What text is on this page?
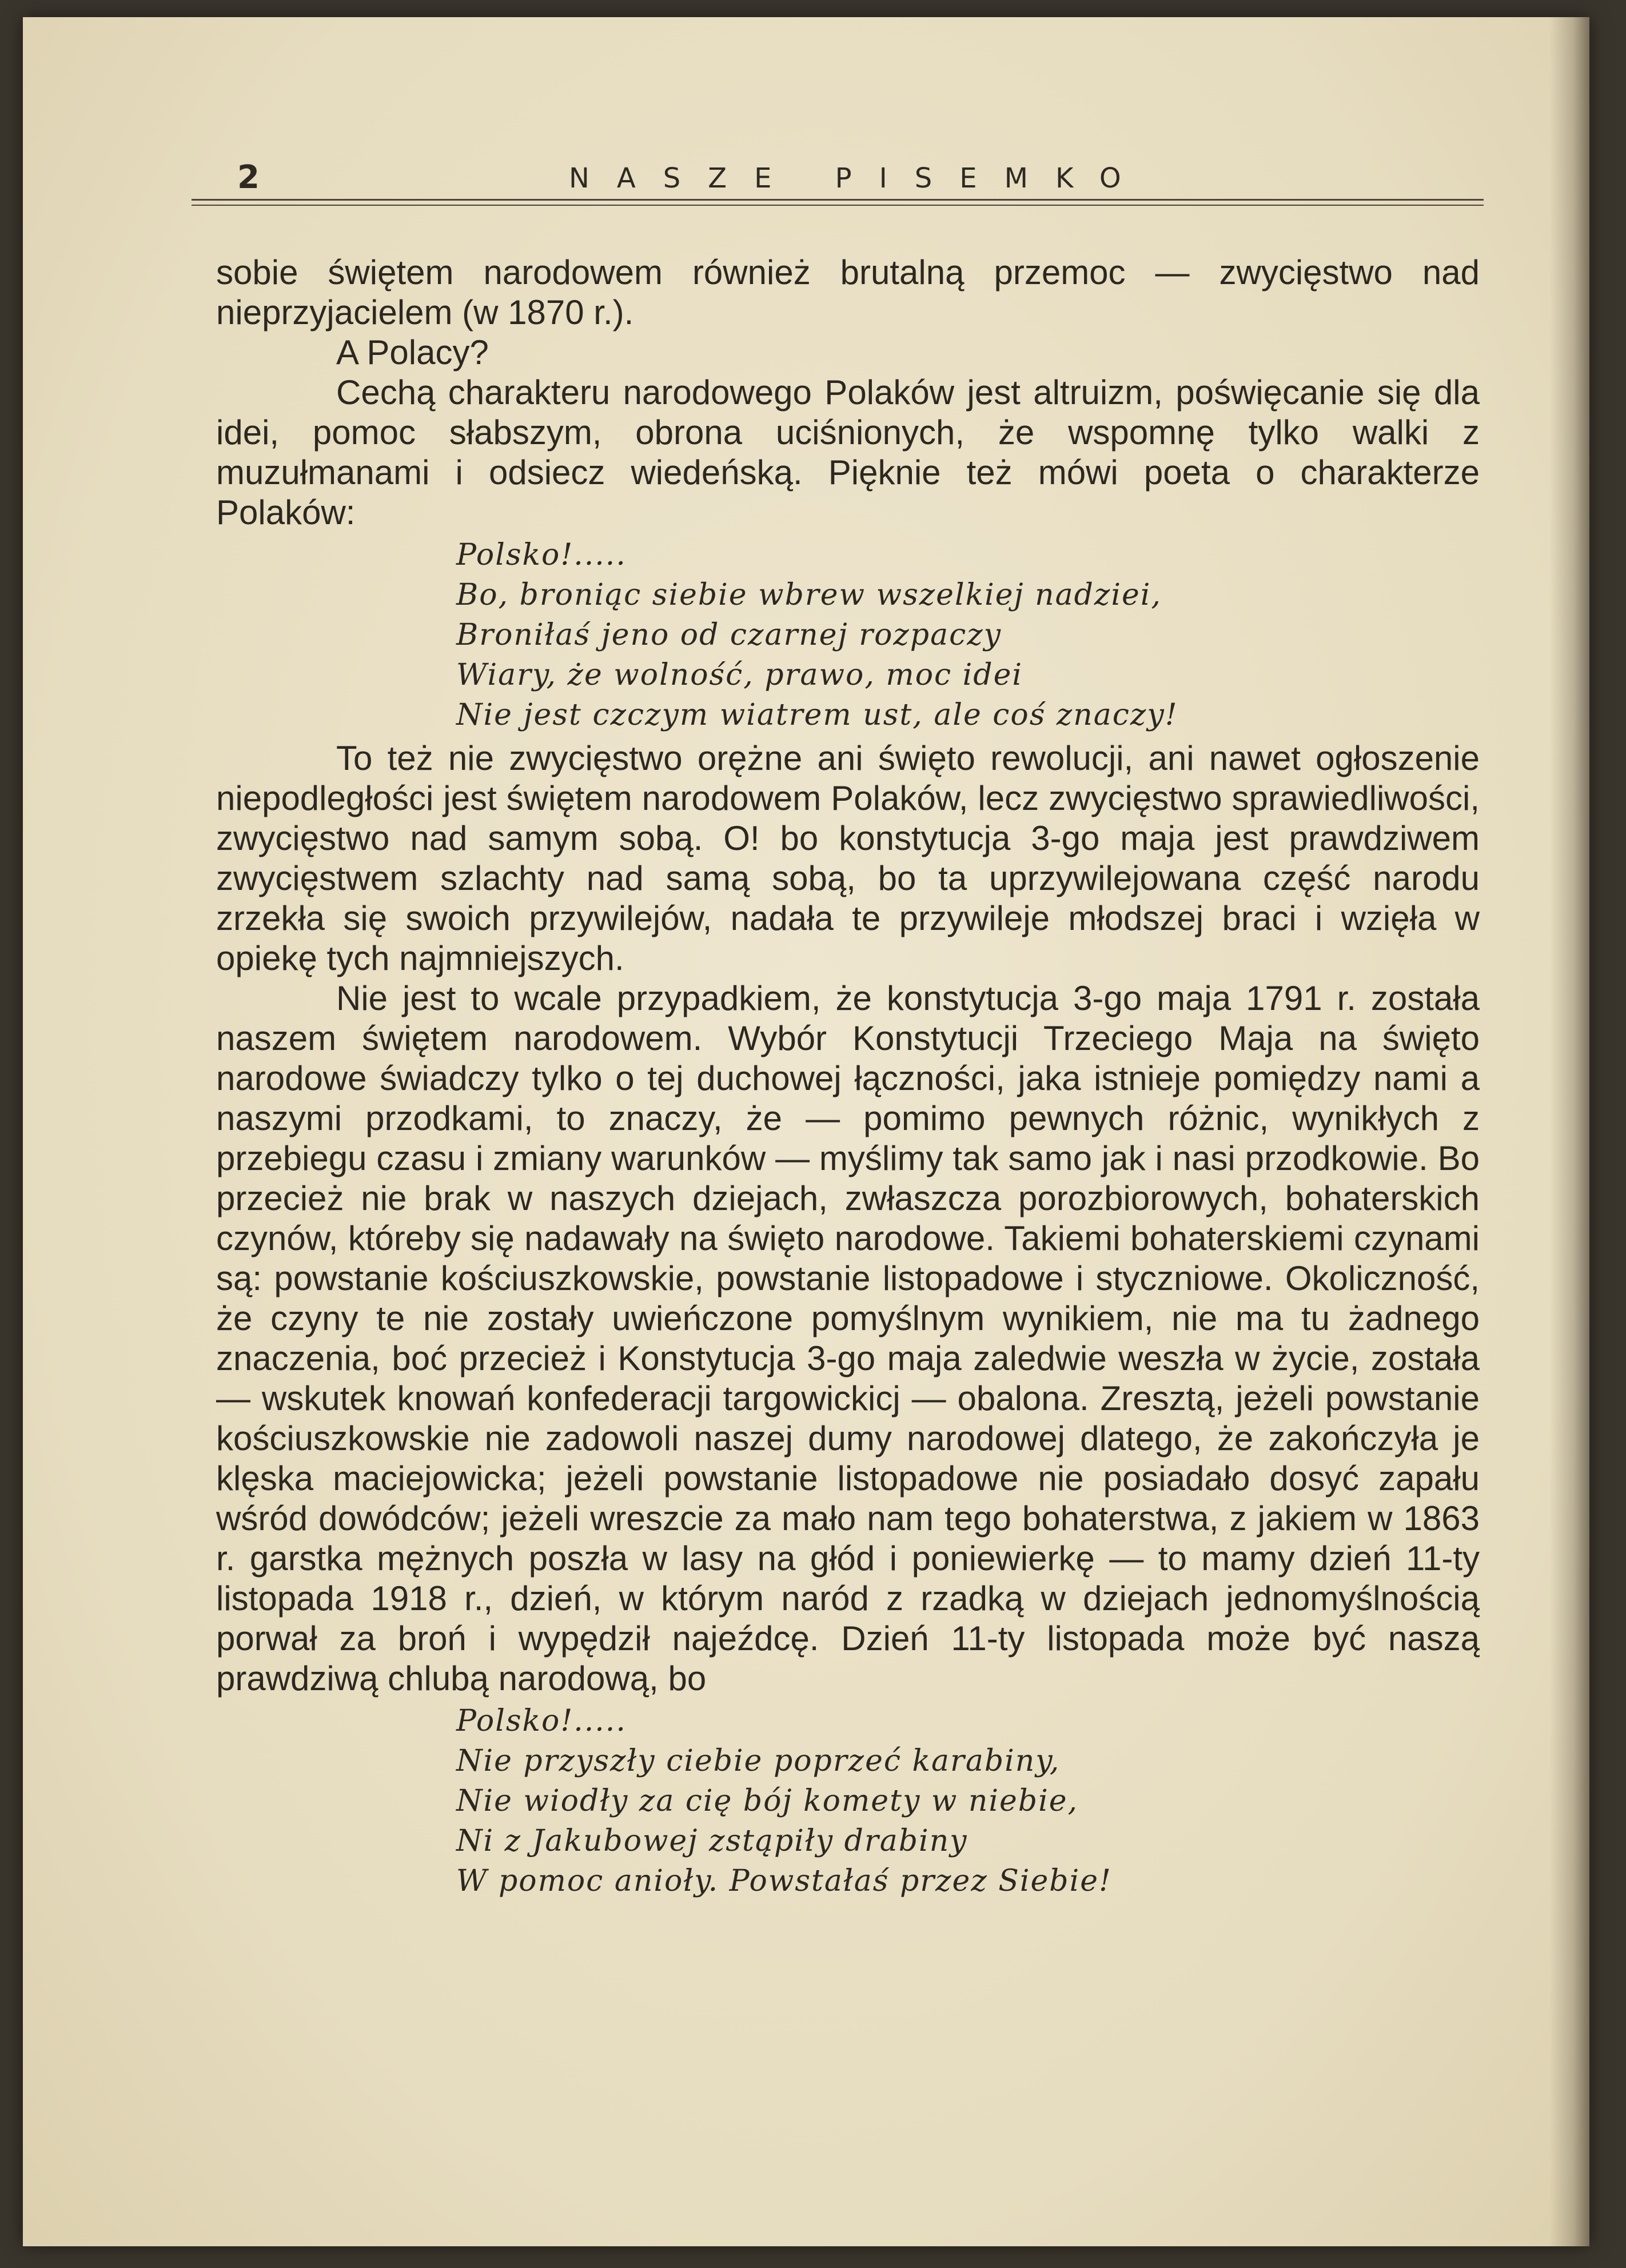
2	NASZE PISEMKO

sobie świętem narodowem również brutalną przemoc — zwycięstwo nad nieprzyjacielem (w 1870 r.).

A Polacy?

Cechą charakteru narodowego Polaków jest altruizm, poświęcanie się dla idei, pomoc słabszym, obrona uciśnionych, że wspomnę tylko walki z muzułmanami i odsiecz wiedeńską. Pięknie też mówi poeta o charakterze Polaków:

Polsko!.....
Bo, broniąc siebie wbrew wszelkiej nadziei,
Broniłaś jeno od czarnej rozpaczy
Wiary, że wolność, prawo, moc idei
Nie jest czczym wiatrem ust, ale coś znaczy!

To też nie zwycięstwo orężne ani święto rewolucji, ani nawet ogłoszenie niepodległości jest świętem narodowem Polaków, lecz zwycięstwo sprawiedliwości, zwycięstwo nad samym sobą. O! bo konstytucja 3-go maja jest prawdziwem zwycięstwem szlachty nad samą sobą, bo ta uprzywilejowana część narodu zrzekła się swoich przywilejów, nadała te przywileje młodszej braci i wzięła w opiekę tych najmniejszych.

Nie jest to wcale przypadkiem, że konstytucja 3-go maja 1791 r. została naszem świętem narodowem. Wybór Konstytucji Trzeciego Maja na święto narodowe świadczy tylko o tej duchowej łączności, jaka istnieje pomiędzy nami a naszymi przodkami, to znaczy, że — pomimo pewnych różnic, wynikłych z przebiegu czasu i zmiany warunków — myślimy tak samo jak i nasi przodkowie. Bo przecież nie brak w naszych dziejach, zwłaszcza porozbiorowych, bohaterskich czynów, któreby się nadawały na święto narodowe. Takiemi bohaterskiemi czynami są: powstanie kościuszkowskie, powstanie listopadowe i styczniowe. Okoliczność, że czyny te nie zostały uwieńczone pomyślnym wynikiem, nie ma tu żadnego znaczenia, boć przecież i Konstytucja 3-go maja zaledwie weszła w życie, została — wskutek knowań konfederacji targowickicj — obalona. Zresztą, jeżeli powstanie kościuszkowskie nie zadowoli naszej dumy narodowej dlatego, że zakończyła je klęska maciejowicka; jeżeli powstanie listopadowe nie posiadało dosyć zapału wśród dowódców; jeżeli wreszcie za mało nam tego bohaterstwa, z jakiem w 1863 r. garstka mężnych poszła w lasy na głód i poniewierkę — to mamy dzień 11-ty listopada 1918 r., dzień, w którym naród z rzadką w dziejach jednomyślnością porwał za broń i wypędził najeźdcę. Dzień 11-ty listopada może być naszą prawdziwą chlubą narodową, bo

Polsko!.....
Nie przyszły ciebie poprzeć karabiny,
Nie wiodły za cię bój komety w niebie,
Ni z Jakubowej zstąpiły drabiny
W pomoc anioły. Powstałaś przez Siebie!
